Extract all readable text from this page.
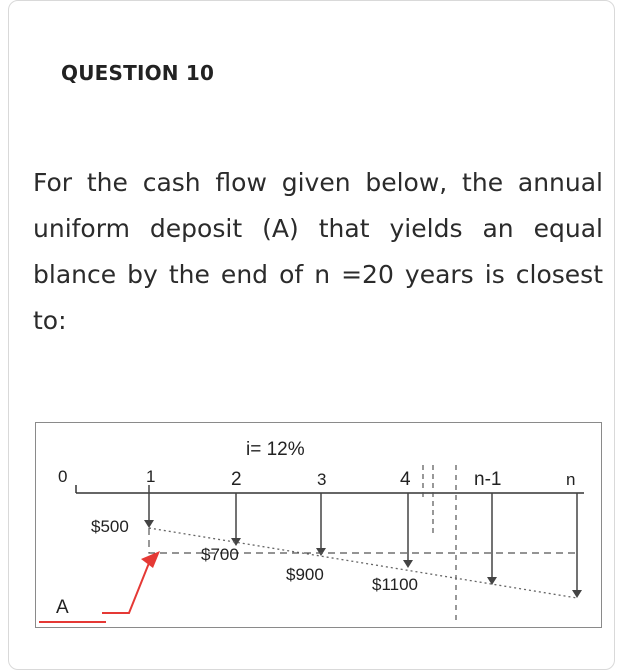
QUESTION 10
For the cash flow given below, the annual uniform deposit (A) that yields an equal blance by the end of n =20 years is closest to:
i= 12%
0	1	2	3	4	n-1	n
$500
$700
$900
$1100
A
